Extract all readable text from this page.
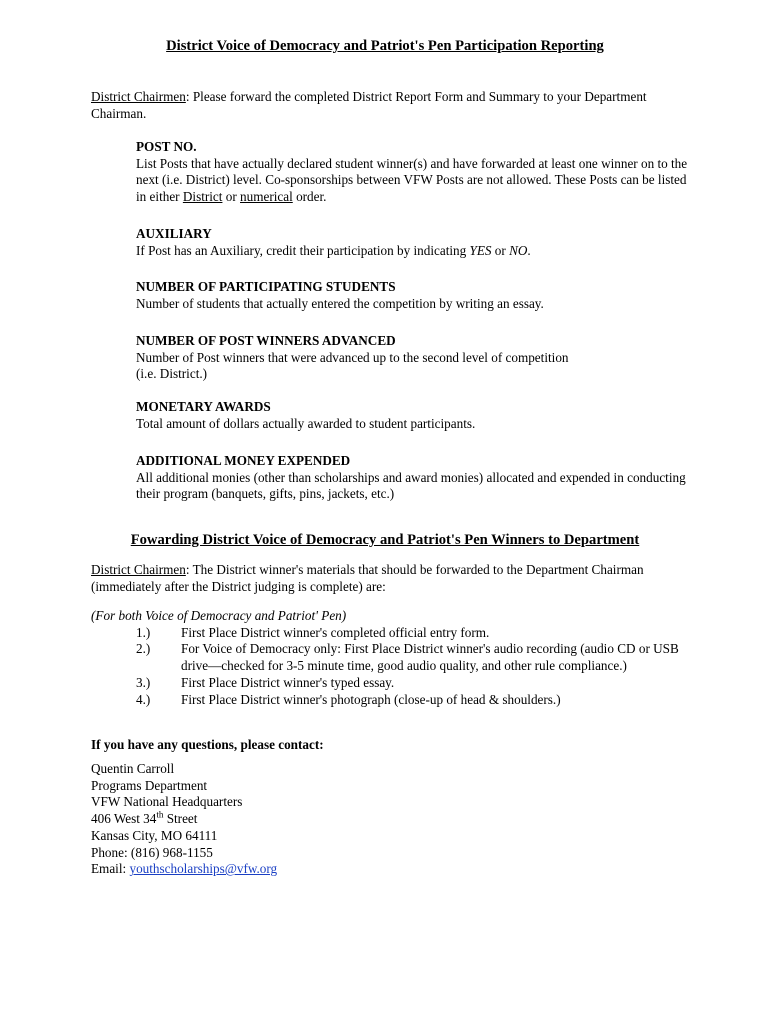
District Voice of Democracy and Patriot's Pen Participation Reporting
District Chairmen: Please forward the completed District Report Form and Summary to your Department Chairman.
POST NO.
List Posts that have actually declared student winner(s) and have forwarded at least one winner on to the next (i.e. District) level. Co-sponsorships between VFW Posts are not allowed. These Posts can be listed in either District or numerical order.
AUXILIARY
If Post has an Auxiliary, credit their participation by indicating YES or NO.
NUMBER OF PARTICIPATING STUDENTS
Number of students that actually entered the competition by writing an essay.
NUMBER OF POST WINNERS ADVANCED
Number of Post winners that were advanced up to the second level of competition
(i.e. District.)
MONETARY AWARDS
Total amount of dollars actually awarded to student participants.
ADDITIONAL MONEY EXPENDED
All additional monies (other than scholarships and award monies) allocated and expended in conducting their program (banquets, gifts, pins, jackets, etc.)
Fowarding District Voice of Democracy and Patriot's Pen Winners to Department
District Chairmen: The District winner's materials that should be forwarded to the Department Chairman (immediately after the District judging is complete) are:
(For both Voice of Democracy and Patriot' Pen)
1.) First Place District winner's completed official entry form.
2.) For Voice of Democracy only: First Place District winner's audio recording (audio CD or USB drive—checked for 3-5 minute time, good audio quality, and other rule compliance.)
3.) First Place District winner's typed essay.
4.) First Place District winner's photograph (close-up of head & shoulders.)
If you have any questions, please contact:
Quentin Carroll
Programs Department
VFW National Headquarters
406 West 34th Street
Kansas City, MO 64111
Phone: (816) 968-1155
Email: youthscholarships@vfw.org
